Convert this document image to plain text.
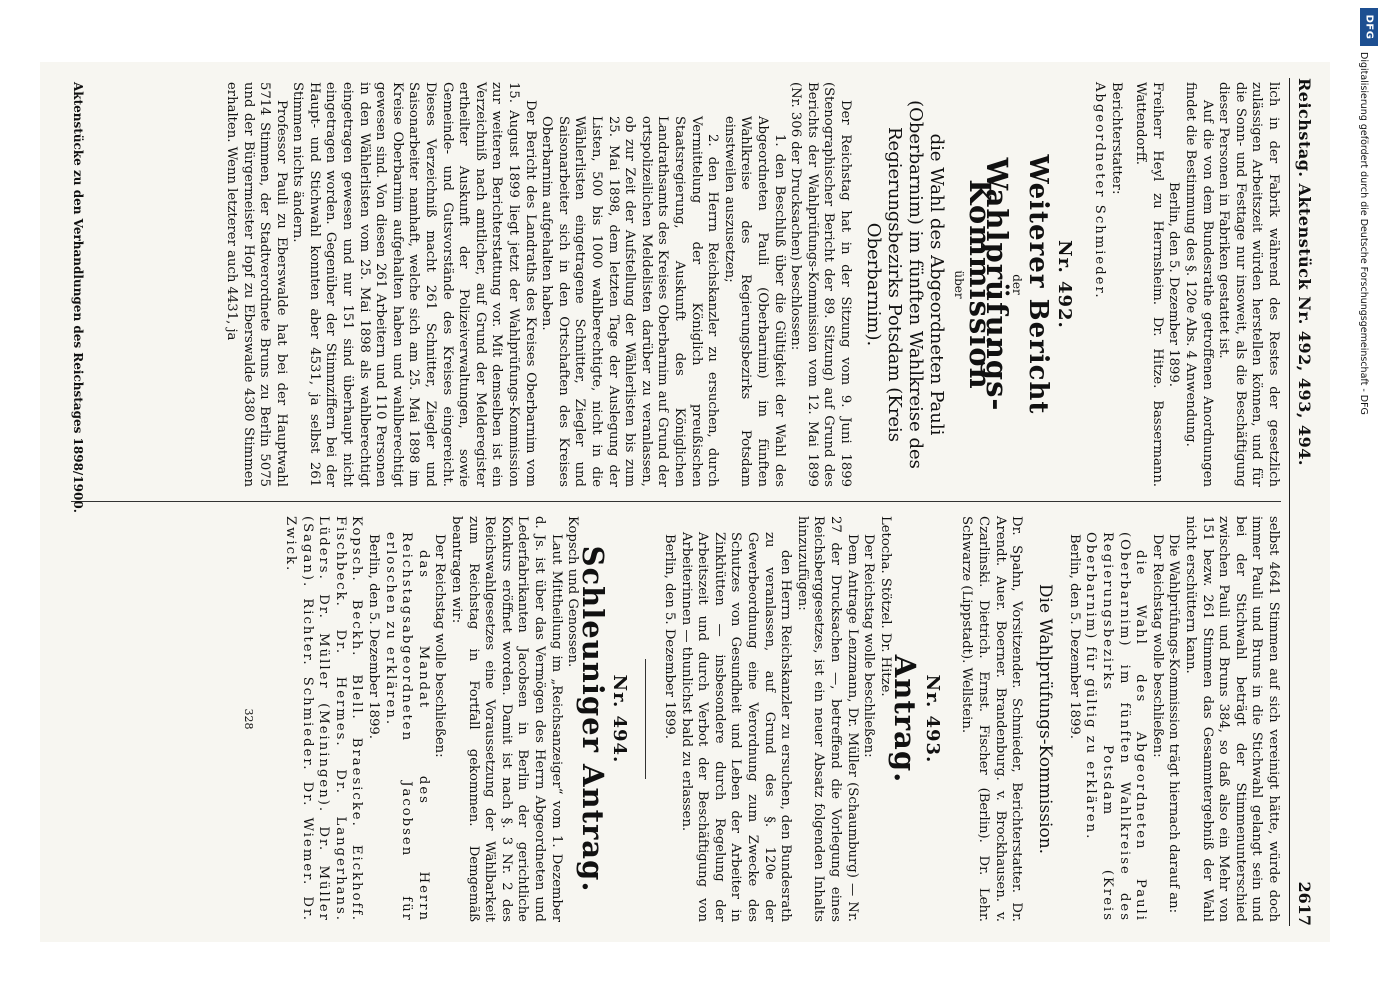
Reichstag. Aktenstück Nr. 492, 493, 494.
2617

lich in der Fabrik während des Restes der gesetzlich zulässigen Arbeitszeit würden herstellen können, und für die Sonn- und Festtage nur insoweit, als die Beschäftigung dieser Personen in Fabriken gestattet ist.

Auf die von dem Bundesrathe getroffenen Anordnungen findet die Bestimmung des §. 120e Abs. 4 Anwendung.

Berlin, den 5. Dezember 1899.

Freiherr Heyl zu Herrnsheim. Dr. Hitze. Bassermann. Wattendorff.

Berichterstatter:

Abgeordneter Schmieder.

Nr. 492.
Weiterer Bericht
der
Wahlprüfungs-Kommission
über
die Wahl des Abgeordneten Pauli (Oberbarnim) im fünften Wahlkreise des Regierungsbezirks Potsdam (Kreis Oberbarnim).

Der Reichstag hat in der Sitzung vom 9. Juni 1899 (Stenographischer Bericht der 89. Sitzung) auf Grund des Berichts der Wahlprüfungs-Kommission vom 12. Mai 1899 (Nr. 306 der Drucksachen) beschlossen:

1. den Beschluß über die Gültigkeit der Wahl des Abgeordneten Pauli (Oberbarnim) im fünften Wahlkreise des Regierungsbezirks Potsdam einstweilen auszusetzen;

2. den Herrn Reichskanzler zu ersuchen, durch Vermittelung der Königlich preußischen Staatsregierung, Auskunft des Königlichen Landrathsamts des Kreises Oberbarnim auf Grund der ortspolizeilichen Meldelisten darüber zu veranlassen, ob zur Zeit der Aufstellung der Wählerlisten bis zum 25. Mai 1898, dem letzten Tage der Auslegung der Listen, 500 bis 1000 wahlberechtigte, nicht in die Wählerlisten eingetragene Schnitter, Ziegler und Saisonarbeiter sich in den Ortschaften des Kreises Oberbarnim aufgehalten haben.

Der Bericht des Landraths des Kreises Oberbarnim vom 15. August 1899 liegt jetzt der Wahlprüfungs-Kommission zur weiteren Berichterstattung vor. Mit demselben ist ein Verzeichniß nach amtlicher, auf Grund der Melderegister ertheilter Auskunft der Polizeiverwaltungen, sowie Gemeinde- und Gutsvorstände des Kreises eingereicht. Dieses Verzeichniß macht 261 Schnitter, Ziegler und Saisonarbeiter namhaft, welche sich am 25. Mai 1898 im Kreise Oberbarnim aufgehalten haben und wahlberechtigt gewesen sind. Von diesen 261 Arbeitern und 110 Personen in den Wählerlisten vom 25. Mai 1898 als wahlberechtigt eingetragen gewesen und nur 151 sind überhaupt nicht eingetragen worden. Gegenüber der Stimmziffern bei der Haupt- und Stichwahl konnten aber 4531, ja selbst 261 Stimmen nichts ändern.

Professor Pauli zu Eberswalde hat bei der Hauptwahl 5714 Stimmen, der Stadtverordnete Bruns zu Berlin 5075 und der Bürgermeister Hopf zu Eberswalde 4380 Stimmen erhalten. Wenn letzterer auch 4431, ja

Aktenstücke zu den Verhandlungen des Reichstages 1898/1900.

selbst 4641 Stimmen auf sich vereinigt hätte, würde doch immer Pauli und Bruns in die Stichwahl gelangt sein und bei der Stichwahl beträgt der Stimmenunterschied zwischen Pauli und Bruns 384, so daß also ein Mehr von 151 bezw. 261 Stimmen das Gesammtergebniß der Wahl nicht erschüttern kann.

Die Wahlprüfungs-Kommission trägt hiernach darauf an:

Der Reichstag wolle beschließen:

die Wahl des Abgeordneten Pauli (Oberbarnim) im fünften Wahlkreise des Regierungsbezirks Potsdam (Kreis Oberbarnim) für gültig zu erklären.

Berlin, den 5. Dezember 1899.

Die Wahlprüfungs-Kommission.

Dr. Spahn, Vorsitzender. Schmieder, Berichterstatter. Dr. Arendt. Auer. Boerner. Brandenburg. v. Brockhausen. v. Czarlinski. Dietrich. Ernst. Fischer (Berlin). Dr. Lehr. Schwarze (Lippstadt). Wellstein.

Nr. 493.
Antrag.

Letocha. Stötzel. Dr. Hitze.

Der Reichstag wolle beschließen:

Dem Antrage Lenzmann, Dr. Müller (Schaumburg) — Nr. 27 der Drucksachen —, betreffend die Vorlegung eines Reichsberggesetzes, ist ein neuer Absatz folgenden Inhalts hinzuzufügen:

den Herrn Reichskanzler zu ersuchen, den Bundesrath zu veranlassen, auf Grund des §. 120e der Gewerbeordnung eine Verordnung zum Zwecke des Schutzes von Gesundheit und Leben der Arbeiter in Zinkhütten — insbesondere durch Regelung der Arbeitszeit und durch Verbot der Beschäftigung von Arbeiterinnen — thunlichst bald zu erlassen.

Berlin, den 5. Dezember 1899.

Nr. 494.
Schleuniger Antrag.

Kopsch und Genossen.

Laut Mittheilung im „Reichsanzeiger“ vom 1. Dezember d. Js. ist über das Vermögen des Herrn Abgeordneten und Lederfabrikanten Jacobsen in Berlin der gerichtliche Konkurs eröffnet worden. Damit ist nach §. 3 Nr. 2 des Reichswahlgesetzes eine Voraussetzung der Wählbarkeit zum Reichstag in Fortfall gekommen. Demgemäß beantragen wir:

Der Reichstag wolle beschließen:

das Mandat des Herrn Reichstagsabgeordneten Jacobsen für erloschen zu erklären.

Berlin, den 5. Dezember 1899.

Kopsch. Beckh. Blell. Braesicke. Eickhoff. Fischbeck. Dr. Hermes. Dr. Langerhans. Lüders. Dr. Müller (Meiningen). Dr. Müller (Sagan). Richter. Schmieder. Dr. Wiemer. Dr. Zwick.

328
DFG
Digitalisierung gefördert durch die Deutsche Forschungsgemeinschaft - DFG
